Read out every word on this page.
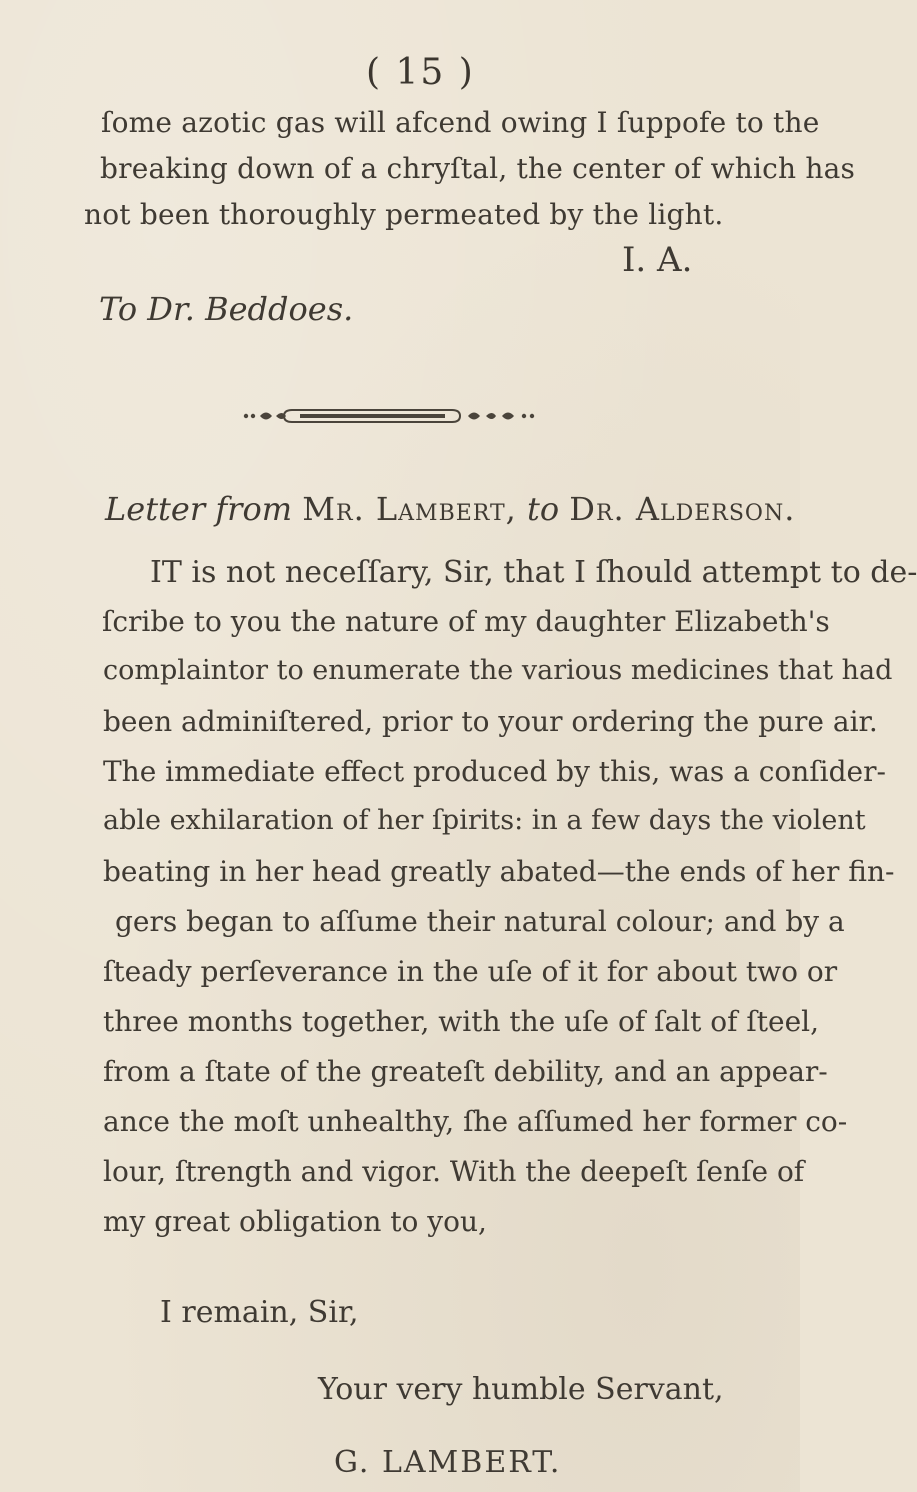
( 15 )
ſome azotic gas will afcend owing I ſuppofe to the
breaking down of a chryſtal, the center of which has
not been thoroughly permeated by the light.
I. A.
To Dr. Beddoes.
Letter from Mr. Lambert, to Dr. Alderson.
IT is not neceſſary, Sir, that I ſhould attempt to de-
ſcribe to you the nature of my daughter Elizabeth's
complaintor to enumerate the various medicines that had
been adminiſtered, prior to your ordering the pure air.
The immediate effect produced by this, was a conſider-
able exhilaration of her ſpirits: in a few days the violent
beating in her head greatly abated—the ends of her fin-
gers began to aſſume their natural colour; and by a
ſteady perſeverance in the uſe of it for about two or
three months together, with the uſe of ſalt of ſteel,
from a ſtate of the greateſt debility, and an appear-
ance the moſt unhealthy, ſhe aſſumed her former co-
lour, ſtrength and vigor. With the deepeſt ſenſe of
my great obligation to you,
I remain, Sir,
Your very humble Servant,
G. LAMBERT.
